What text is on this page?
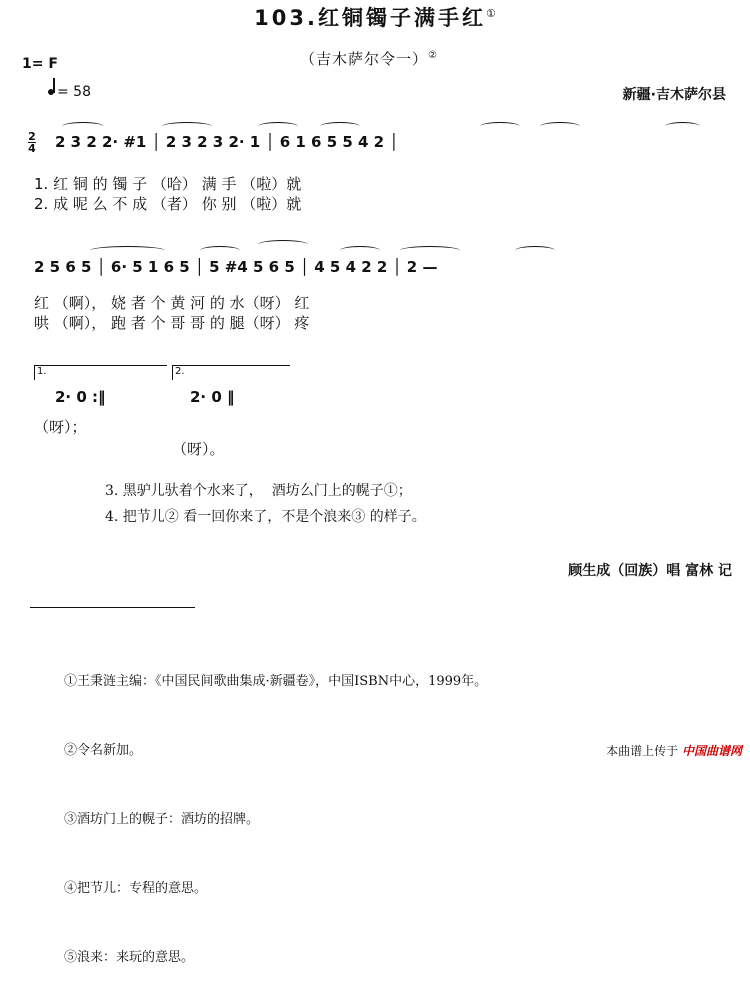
103.红铜镯子满手红①
（吉木萨尔令一）②
1= F
= 58	新疆·吉木萨尔县
2
4 2 3 2 2· #1 │ 2 3 2 3 2· 1 │ 6 1 6 5 5 4 2 │
1. 红 铜 的 镯 子 （哈） 满 手 （啦）就
2. 成 呢 么 不 成 （者） 你 别 （啦）就
2 5 6 5 │ 6· 5 1 6 5 │ 5 #4 5 6 5 │ 4 5 4 2 2 │ 2 —
红 （啊）， 娆 者 个 黄 河 的 水（呀） 红
哄 （啊）， 跑 者 个 哥 哥 的 腿（呀） 疼
1.	2.
2· 0 :‖	2· 0 ‖
（呀）；
（呀）。
3. 黑驴儿驮着个水来了，  酒坊么门上的幌子①；
4. 把节儿② 看一回你来了，不是个浪来③ 的样子。
顾生成（回族）唱 富林 记

①王秉涟主编：《中国民间歌曲集成·新疆卷》，中国ISBN中心，1999年。

②令名新加。

③酒坊门上的幌子：酒坊的招牌。

④把节儿：专程的意思。

⑤浪来：来玩的意思。

本曲谱上传于 中国曲谱网
